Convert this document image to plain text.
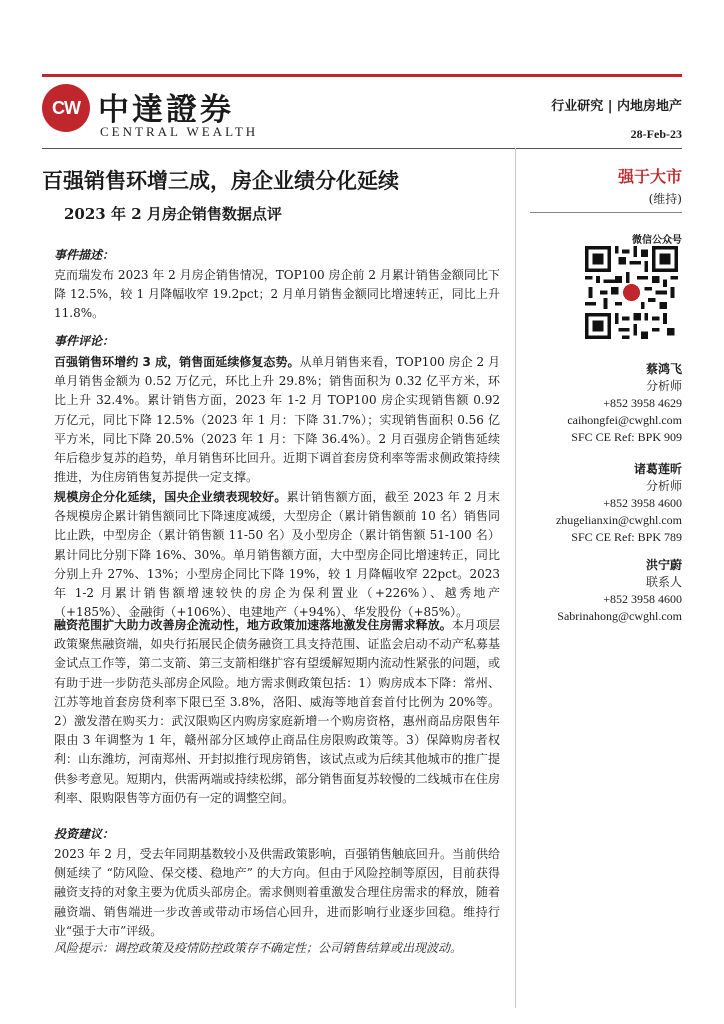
CW 中達證券
CENTRAL WEALTH
行业研究 | 内地房地产
28-Feb-23
百强销售环增三成，房企业绩分化延续
2023 年 2 月房企销售数据点评
强于大市
(维持)
微信公众号
蔡鸿飞
分析师
+852 3958 4629
caihongfei@cwghl.com
SFC CE Ref: BPK 909
诸葛莲昕
分析师
+852 3958 4600
zhugelianxin@cwghl.com
SFC CE Ref: BPK 789
洪宁蔚
联系人
+852 3958 4600
Sabrinahong@cwghl.com
事件描述：
克而瑞发布 2023 年 2 月房企销售情况，TOP100 房企前 2 月累计销售金额同比下降 12.5%，较 1 月降幅收窄 19.2pct；2 月单月销售金额同比增速转正，同比上升 11.8%。
事件评论：
百强销售环增约 3 成，销售面延续修复态势。从单月销售来看，TOP100 房企 2 月单月销售金额为 0.52 万亿元，环比上升 29.8%；销售面积为 0.32 亿平方米，环比上升 32.4%。累计销售方面，2023 年 1-2 月 TOP100 房企实现销售额 0.92 万亿元，同比下降 12.5%（2023 年 1 月：下降 31.7%）；实现销售面积 0.56 亿平方米，同比下降 20.5%（2023 年 1 月：下降 36.4%）。2 月百强房企销售延续年后稳步复苏的趋势，单月销售环比回升。近期下调首套房贷利率等需求侧政策持续推进，为住房销售复苏提供一定支撑。
规模房企分化延续，国央企业绩表现较好。累计销售额方面，截至 2023 年 2 月末各规模房企累计销售额同比下降速度减缓，大型房企（累计销售额前 10 名）销售同比止跌，中型房企（累计销售额 11-50 名）及小型房企（累计销售额 51-100 名）累计同比分别下降 16%、30%。单月销售额方面，大中型房企同比增速转正，同比分别上升 27%、13%；小型房企同比下降 19%，较 1 月降幅收窄 22pct。2023 年 1-2 月累计销售额增速较快的房企为保利置业（+226%）、越秀地产（+185%）、金融街（+106%）、电建地产（+94%）、华发股份（+85%）。
融资范围扩大助力改善房企流动性，地方政策加速落地激发住房需求释放。本月项层政策聚焦融资端，如央行拓展民企债务融资工具支持范围、证监会启动不动产私募基金试点工作等，第二支箭、第三支箭相继扩容有望缓解短期内流动性紧张的问题，或有助于进一步防范头部房企风险。地方需求侧政策包括：1）购房成本下降：常州、江苏等地首套房贷利率下限已至 3.8%，洛阳、威海等地首套首付比例为 20%等。2）激发潜在购买力：武汉限购区内购房家庭新增一个购房资格，惠州商品房限售年限由 3 年调整为 1 年，赣州部分区域停止商品住房限购政策等。3）保障购房者权利：山东潍坊，河南郑州、开封拟推行现房销售，该试点或为后续其他城市的推广提供参考意见。短期内，供需两端或持续松绑，部分销售面复苏较慢的二线城市在住房利率、限购限售等方面仍有一定的调整空间。
投资建议：
2023 年 2 月，受去年同期基数较小及供需政策影响，百强销售触底回升。当前供给侧延续了 “防风险、保交楼、稳地产” 的大方向。但由于风险控制等原因，目前获得融资支持的对象主要为优质头部房企。需求侧则着重激发合理住房需求的释放，随着融资端、销售端进一步改善或带动市场信心回升，进而影响行业逐步回稳。维持行业“强于大市”评级。
风险提示：调控政策及疫情防控政策存不确定性；公司销售结算或出现波动。
